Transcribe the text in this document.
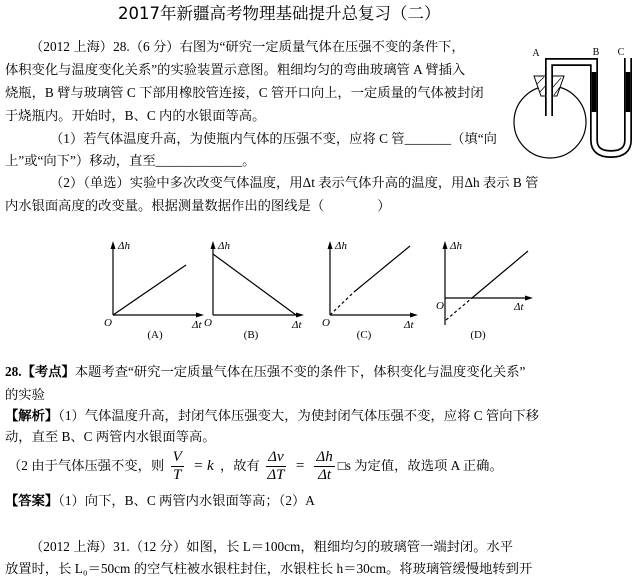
2017年新疆高考物理基础提升总复习（二）
（2012 上海）28.（6 分）右图为“研究一定质量气体在压强不变的条件下，
体积变化与温度变化关系”的实验装置示意图。粗细均匀的弯曲玻璃管 A 臂插入
烧瓶，B 臂与玻璃管 C 下部用橡胶管连接，C 管开口向上，一定质量的气体被封闭
于烧瓶内。开始时，B、C 内的水银面等高。
（1）若气体温度升高，为使瓶内气体的压强不变，应将 C 管_______（填“向
上”或“向下”）移动，直至_____________。
（2）（单选）实验中多次改变气体温度，用Δt 表示气体升高的温度，用Δh 表示 B 管
内水银面高度的改变量。根据测量数据作出的图线是（　　　　）
A	B C
Δh
O	Δt
(A)
Δh
O	Δt
(B)
Δh
O	Δt
(C)
Δh
O	Δt
(D)
28.【考点】本题考查“研究一定质量气体在压强不变的条件下，体积变化与温度变化关系”
的实验
【解析】（1）气体温度升高，封闭气体压强变大，为使封闭气体压强不变，应将 C 管向下移
动，直至 B、C 两管内水银面等高。
（2 由于气体压强不变，则 $\frac{V}{T} = k$ ，故有 $\frac{\Delta v}{\Delta T} = \frac{\Delta h}{\Delta t}$ □s 为定值，故选项 A 正确。
【答案】（1）向下，B、C 两管内水银面等高；（2）A
（2012 上海）31.（12 分）如图，长 L＝100cm，粗细均匀的玻璃管一端封闭。水平
放置时，长 L₀＝50cm 的空气柱被水银柱封住，水银柱长 h＝30cm。将玻璃管缓慢地转到开
